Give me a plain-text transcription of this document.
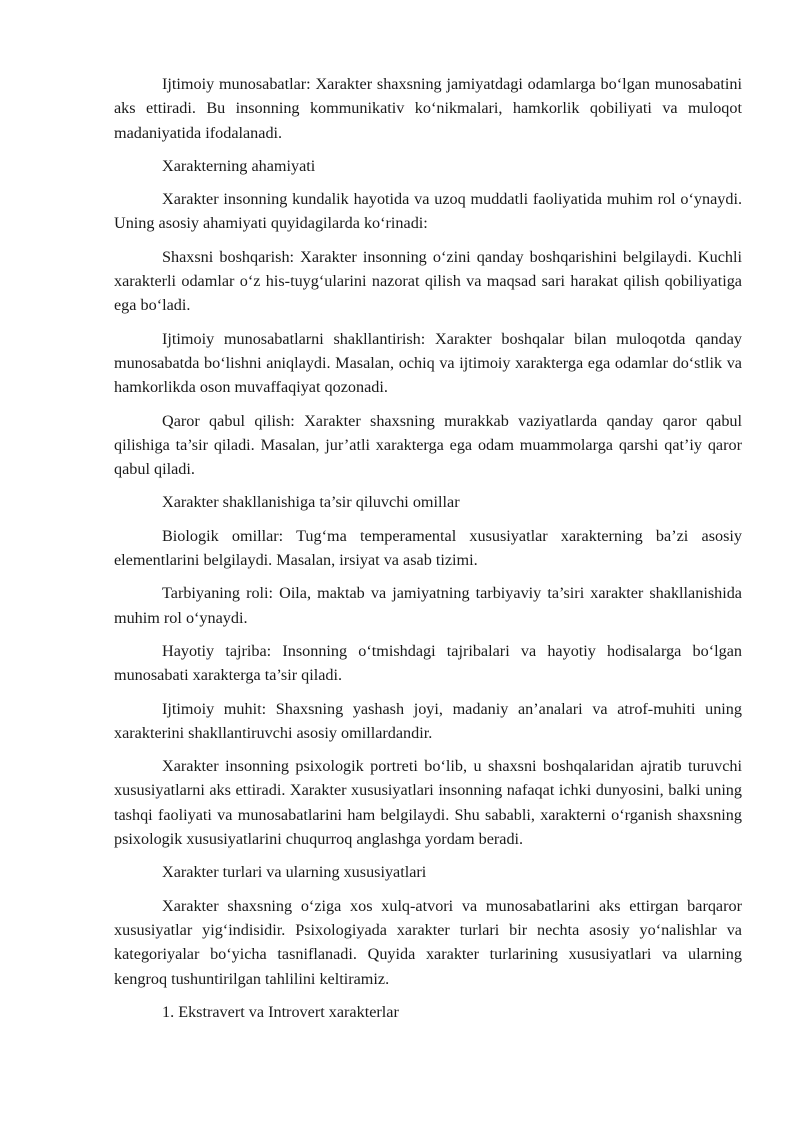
Ijtimoiy munosabatlar: Xarakter shaxsning jamiyatdagi odamlarga bo‘lgan munosabatini aks ettiradi. Bu insonning kommunikativ ko‘nikmalari, hamkorlik qobiliyati va muloqot madaniyatida ifodalanadi.

Xarakterning ahamiyati

Xarakter insonning kundalik hayotida va uzoq muddatli faoliyatida muhim rol o‘ynaydi. Uning asosiy ahamiyati quyidagilarda ko‘rinadi:

Shaxsni boshqarish: Xarakter insonning o‘zini qanday boshqarishini belgilaydi. Kuchli xarakterli odamlar o‘z his-tuyg‘ularini nazorat qilish va maqsad sari harakat qilish qobiliyatiga ega bo‘ladi.

Ijtimoiy munosabatlarni shakllantirish: Xarakter boshqalar bilan muloqotda qanday munosabatda bo‘lishni aniqlaydi. Masalan, ochiq va ijtimoiy xarakterga ega odamlar do‘stlik va hamkorlikda oson muvaffaqiyat qozonadi.

Qaror qabul qilish: Xarakter shaxsning murakkab vaziyatlarda qanday qaror qabul qilishiga ta’sir qiladi. Masalan, jur’atli xarakterga ega odam muammolarga qarshi qat’iy qaror qabul qiladi.

Xarakter shakllanishiga ta’sir qiluvchi omillar

Biologik omillar: Tug‘ma temperamental xususiyatlar xarakterning ba’zi asosiy elementlarini belgilaydi. Masalan, irsiyat va asab tizimi.

Tarbiyaning roli: Oila, maktab va jamiyatning tarbiyaviy ta’siri xarakter shakllanishida muhim rol o‘ynaydi.

Hayotiy tajriba: Insonning o‘tmishdagi tajribalari va hayotiy hodisalarga bo‘lgan munosabati xarakterga ta’sir qiladi.

Ijtimoiy muhit: Shaxsning yashash joyi, madaniy an’analari va atrof-muhiti uning xarakterini shakllantiruvchi asosiy omillardandir.

Xarakter insonning psixologik portreti bo‘lib, u shaxsni boshqalaridan ajratib turuvchi xususiyatlarni aks ettiradi. Xarakter xususiyatlari insonning nafaqat ichki dunyosini, balki uning tashqi faoliyati va munosabatlarini ham belgilaydi. Shu sababli, xarakterni o‘rganish shaxsning psixologik xususiyatlarini chuqurroq anglashga yordam beradi.

Xarakter turlari va ularning xususiyatlari

Xarakter shaxsning o‘ziga xos xulq-atvori va munosabatlarini aks ettirgan barqaror xususiyatlar yig‘indisidir. Psixologiyada xarakter turlari bir nechta asosiy yo‘nalishlar va kategoriyalar bo‘yicha tasniflanadi. Quyida xarakter turlarining xususiyatlari va ularning kengroq tushuntirilgan tahlilini keltiramiz.

1. Ekstravert va Introvert xarakterlar
